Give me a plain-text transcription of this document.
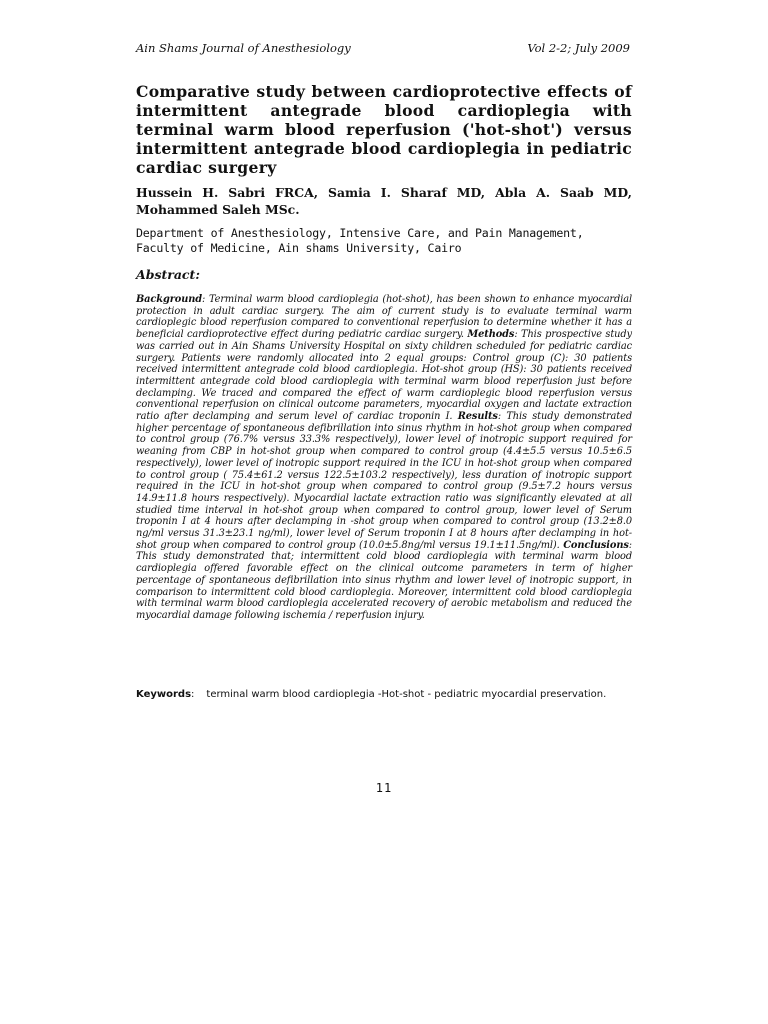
Ain Shams Journal of Anesthesiology	Vol 2-2; July 2009
Comparative study between cardioprotective effects of intermittent antegrade blood cardioplegia with terminal warm blood reperfusion ('hot-shot') versus intermittent antegrade blood cardioplegia in pediatric cardiac surgery
Hussein H. Sabri FRCA, Samia I. Sharaf MD, Abla A. Saab MD, Mohammed Saleh MSc.
Department of Anesthesiology, Intensive Care, and Pain Management, Faculty of Medicine, Ain shams University, Cairo
Abstract:
Background: Terminal warm blood cardioplegia (hot-shot), has been shown to enhance myocardial protection in adult cardiac surgery. The aim of current study is to evaluate terminal warm cardioplegic blood reperfusion compared to conventional reperfusion to determine whether it has a beneficial cardioprotective effect during pediatric cardiac surgery. Methods: This prospective study was carried out in Ain Shams University Hospital on sixty children scheduled for pediatric cardiac surgery. Patients were randomly allocated into 2 equal groups: Control group (C): 30 patients received intermittent antegrade cold blood cardioplegia. Hot-shot group (HS): 30 patients received intermittent antegrade cold blood cardioplegia with terminal warm blood reperfusion just before declamping. We traced and compared the effect of warm cardioplegic blood reperfusion versus conventional reperfusion on clinical outcome parameters, myocardial oxygen and lactate extraction ratio after declamping and serum level of cardiac troponin I. Results: This study demonstrated higher percentage of spontaneous defibrillation into sinus rhythm in hot-shot group when compared to control group (76.7% versus 33.3% respectively), lower level of inotropic support required for weaning from CBP in hot-shot group when compared to control group (4.4±5.5 versus 10.5±6.5 respectively), lower level of inotropic support required in the ICU in hot-shot group when compared to control group ( 75.4±61.2 versus 122.5±103.2 respectively), less duration of inotropic support required in the ICU in hot-shot group when compared to control group (9.5±7.2 hours versus 14.9±11.8 hours respectively). Myocardial lactate extraction ratio was significantly elevated at all studied time interval in hot-shot group when compared to control group, lower level of Serum troponin I at 4 hours after declamping in -shot group when compared to control group (13.2±8.0 ng/ml versus 31.3±23.1 ng/ml), lower level of Serum troponin I at 8 hours after declamping in hot-shot group when compared to control group (10.0±5.8ng/ml versus 19.1±11.5ng/ml). Conclusions: This study demonstrated that; intermittent cold blood cardioplegia with terminal warm blood cardioplegia offered favorable effect on the clinical outcome parameters in term of higher percentage of spontaneous defibrillation into sinus rhythm and lower level of inotropic support, in comparison to intermittent cold blood cardioplegia. Moreover, intermittent cold blood cardioplegia with terminal warm blood cardioplegia accelerated recovery of aerobic metabolism and reduced the myocardial damage following ischemia / reperfusion injury.
Keywords : terminal warm blood cardioplegia -Hot-shot - pediatric myocardial preservation.
11
